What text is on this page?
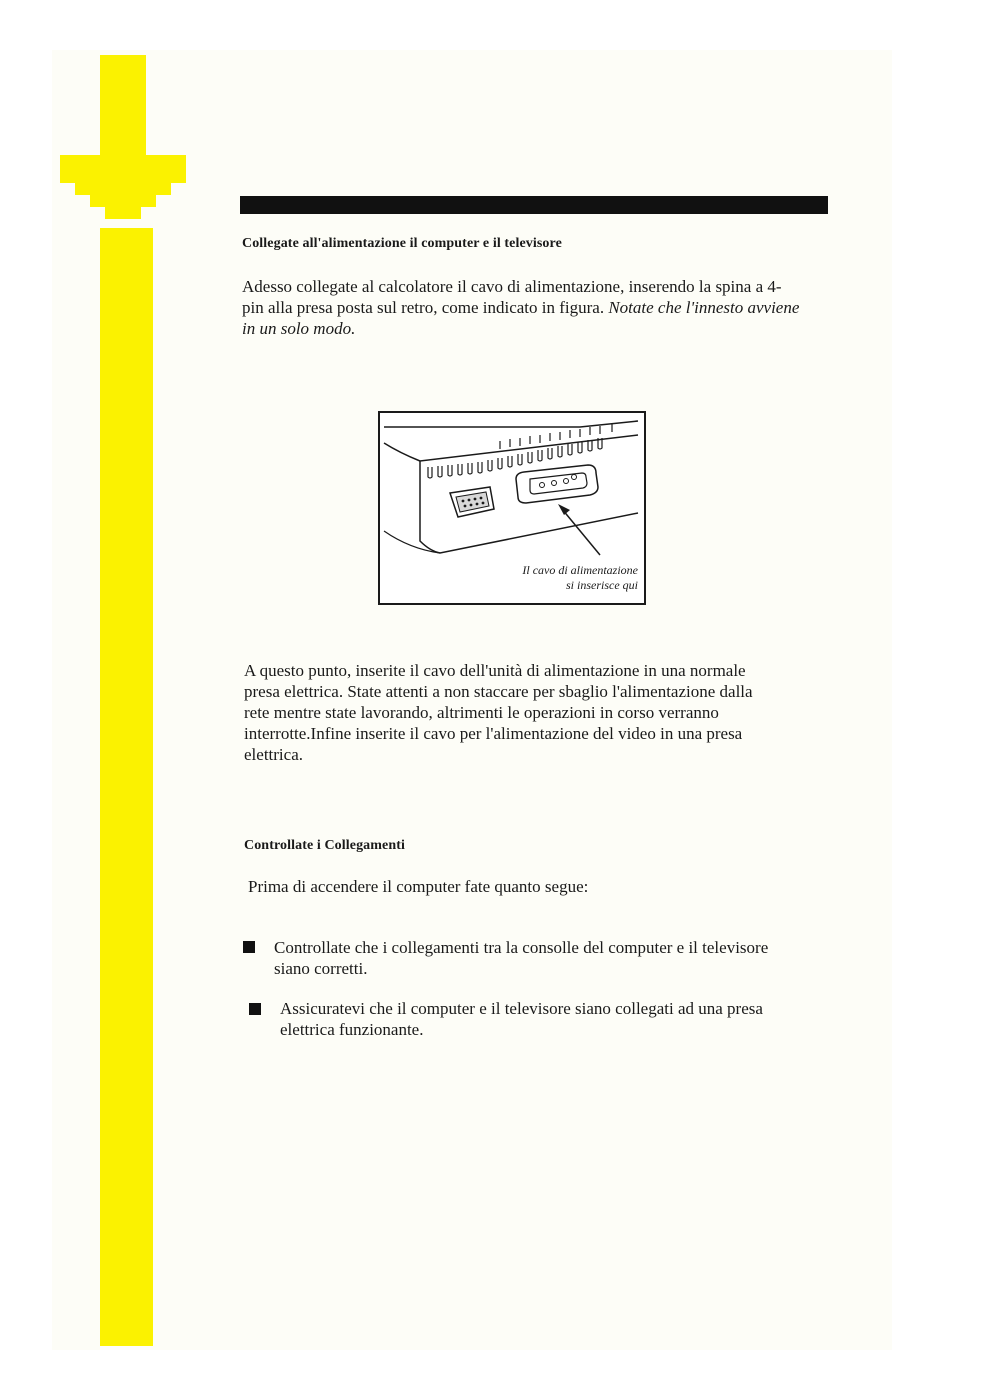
Collegate all'alimentazione il computer e il televisore

Adesso collegate al calcolatore il cavo di alimentazione, inserendo la spina a 4-pin alla presa posta sul retro, come indicato in figura. Notate che l'innesto avviene in un solo modo.

Il cavo di alimentazione
si inserisce qui

A questo punto, inserite il cavo dell'unità di alimentazione in una normale presa elettrica. State attenti a non staccare per sbaglio l'alimentazione dalla rete mentre state lavorando, altrimenti le operazioni in corso verranno interrotte.Infine inserite il cavo per l'alimentazione del video in una presa elettrica.

Controllate i Collegamenti

Prima di accendere il computer fate quanto segue:

Controllate che i collegamenti tra la consolle del computer e il televisore siano corretti.

Assicuratevi che il computer e il televisore siano collegati ad una presa elettrica funzionante.
